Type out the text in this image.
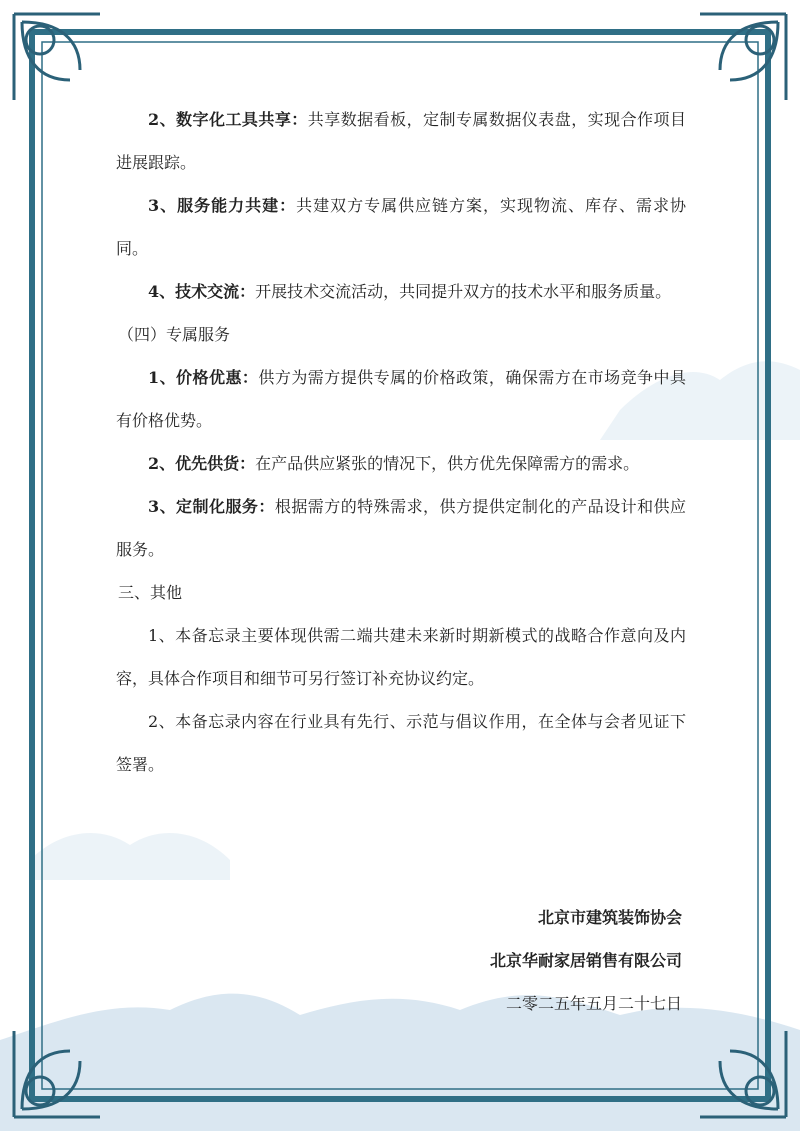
2、数字化工具共享：共享数据看板，定制专属数据仪表盘，实现合作项目进展跟踪。

3、服务能力共建：共建双方专属供应链方案，实现物流、库存、需求协同。

4、技术交流：开展技术交流活动，共同提升双方的技术水平和服务质量。

（四）专属服务

1、价格优惠：供方为需方提供专属的价格政策，确保需方在市场竞争中具有价格优势。

2、优先供货：在产品供应紧张的情况下，供方优先保障需方的需求。

3、定制化服务：根据需方的特殊需求，供方提供定制化的产品设计和供应服务。

三、其他

1、本备忘录主要体现供需二端共建未来新时期新模式的战略合作意向及内容，具体合作项目和细节可另行签订补充协议约定。

2、本备忘录内容在行业具有先行、示范与倡议作用，在全体与会者见证下签署。

北京市建筑装饰协会
北京华耐家居销售有限公司
二零二五年五月二十七日
